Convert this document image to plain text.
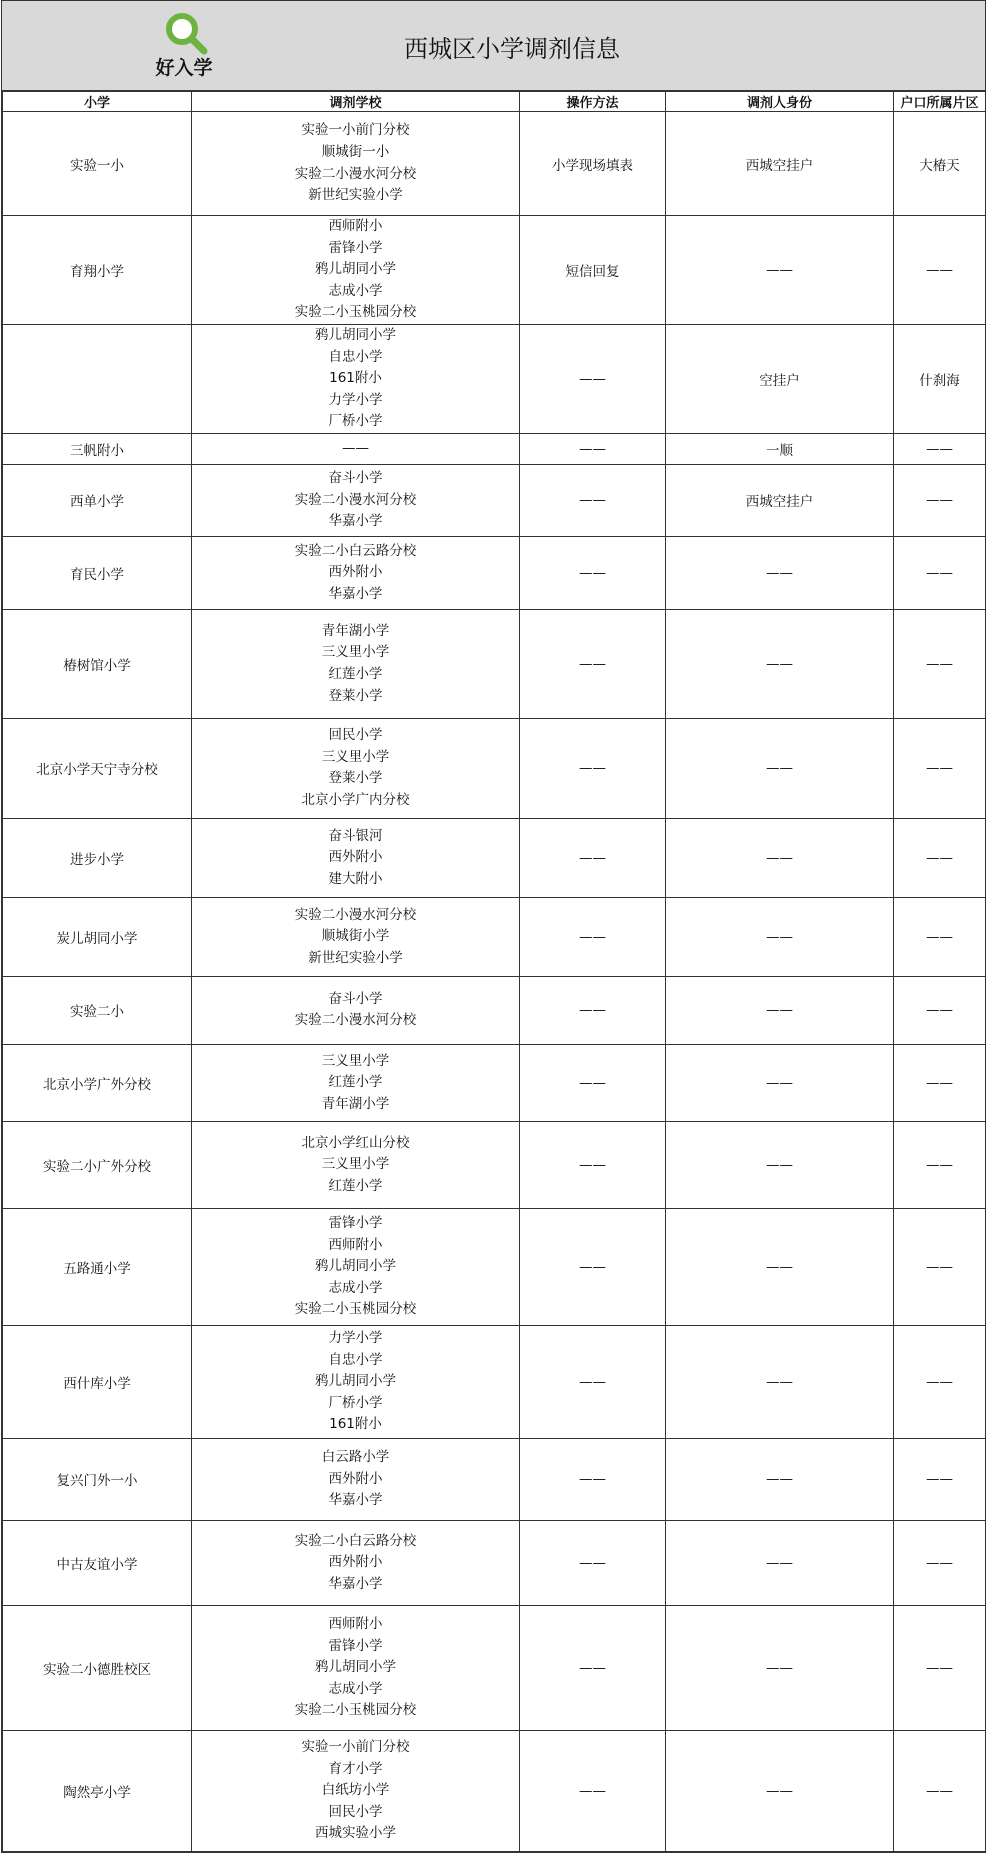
好入学
西城区小学调剂信息
小学	调剂学校	操作方法	调剂人身份	户口所属片区
实验一小	实验一小前门分校
顺城街一小
实验二小漫水河分校
新世纪实验小学	小学现场填表	西城空挂户	大椿天
育翔小学	西师附小
雷锋小学
鸦儿胡同小学
志成小学
实验二小玉桃园分校	短信回复	——	——

	鸦儿胡同小学
自忠小学
161附小
力学小学
厂桥小学	——	空挂户	什刹海
三帆附小	——	——	一顺	——
西单小学	奋斗小学
实验二小漫水河分校
华嘉小学	——	西城空挂户	——
育民小学	实验二小白云路分校
西外附小
华嘉小学	——	——	——
椿树馆小学	青年湖小学
三义里小学
红莲小学
登莱小学	——	——	——
北京小学天宁寺分校	回民小学
三义里小学
登莱小学
北京小学广内分校	——	——	——
进步小学	奋斗银河
西外附小
建大附小	——	——	——
炭儿胡同小学	实验二小漫水河分校
顺城街小学
新世纪实验小学	——	——	——
实验二小	奋斗小学
实验二小漫水河分校	——	——	——
北京小学广外分校	三义里小学
红莲小学
青年湖小学	——	——	——
实验二小广外分校	北京小学红山分校
三义里小学
红莲小学	——	——	——
五路通小学	雷锋小学
西师附小
鸦儿胡同小学
志成小学
实验二小玉桃园分校	——	——	——
西什库小学	力学小学
自忠小学
鸦儿胡同小学
厂桥小学
161附小	——	——	——
复兴门外一小	白云路小学
西外附小
华嘉小学	——	——	——
中古友谊小学	实验二小白云路分校
西外附小
华嘉小学	——	——	——
实验二小德胜校区	西师附小
雷锋小学
鸦儿胡同小学
志成小学
实验二小玉桃园分校	——	——	——
陶然亭小学	实验一小前门分校
育才小学
白纸坊小学
回民小学
西城实验小学	——	——	——
